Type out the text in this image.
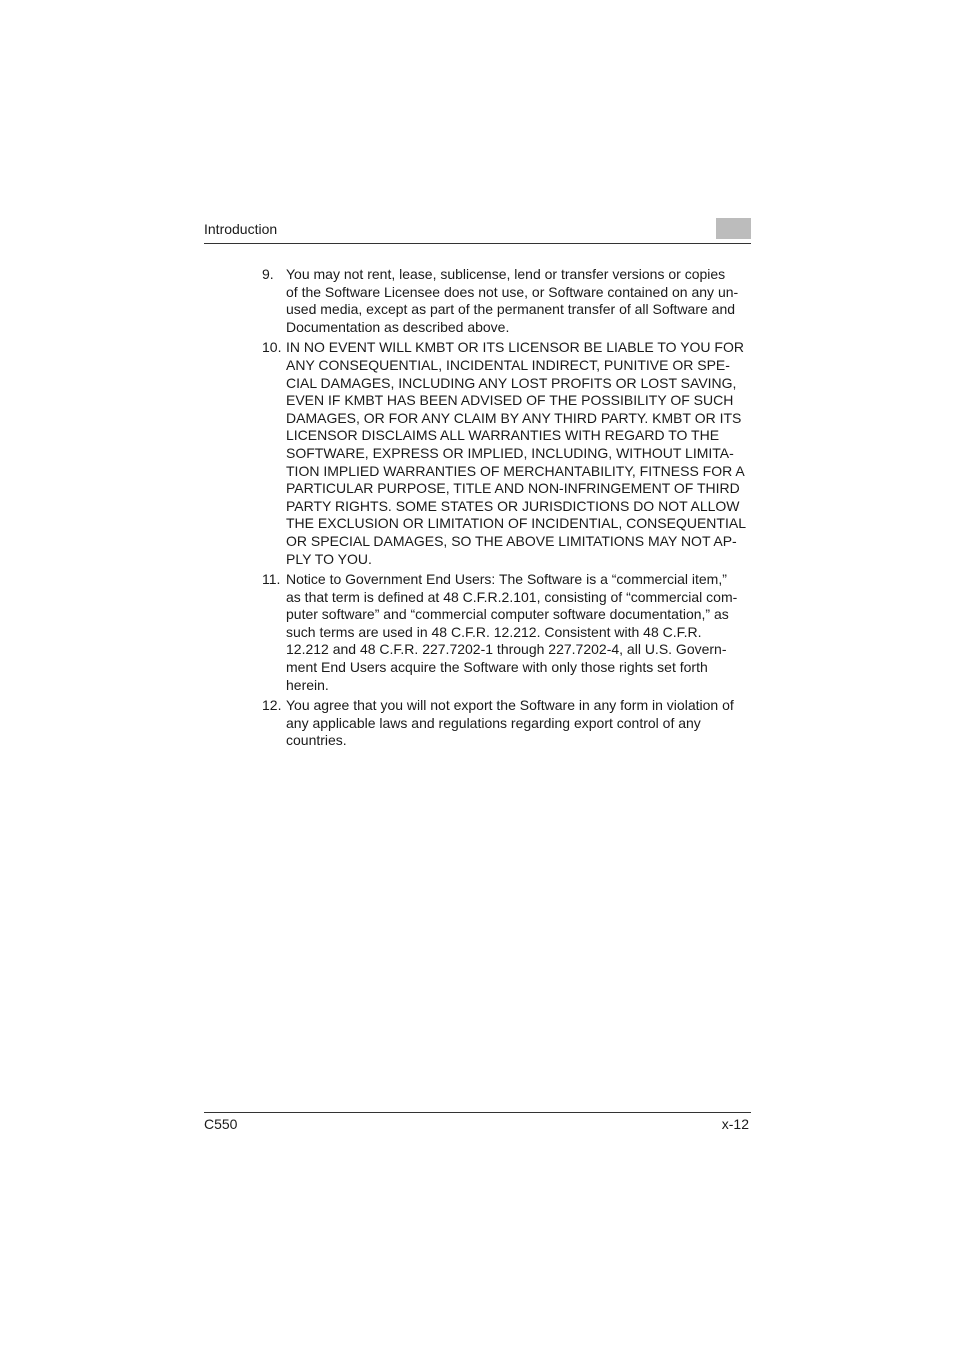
Introduction
9. You may not rent, lease, sublicense, lend or transfer versions or copies
of the Software Licensee does not use, or Software contained on any un-
used media, except as part of the permanent transfer of all Software and
Documentation as described above.
10. IN NO EVENT WILL KMBT OR ITS LICENSOR BE LIABLE TO YOU FOR
ANY CONSEQUENTIAL, INCIDENTAL INDIRECT, PUNITIVE OR SPE-
CIAL DAMAGES, INCLUDING ANY LOST PROFITS OR LOST SAVING,
EVEN IF KMBT HAS BEEN ADVISED OF THE POSSIBILITY OF SUCH
DAMAGES, OR FOR ANY CLAIM BY ANY THIRD PARTY. KMBT OR ITS
LICENSOR DISCLAIMS ALL WARRANTIES WITH REGARD TO THE
SOFTWARE, EXPRESS OR IMPLIED, INCLUDING, WITHOUT LIMITA-
TION IMPLIED WARRANTIES OF MERCHANTABILITY, FITNESS FOR A
PARTICULAR PURPOSE, TITLE AND NON-INFRINGEMENT OF THIRD
PARTY RIGHTS. SOME STATES OR JURISDICTIONS DO NOT ALLOW
THE EXCLUSION OR LIMITATION OF INCIDENTIAL, CONSEQUENTIAL
OR SPECIAL DAMAGES, SO THE ABOVE LIMITATIONS MAY NOT AP-
PLY TO YOU.
11. Notice to Government End Users: The Software is a “commercial item,”
as that term is defined at 48 C.F.R.2.101, consisting of “commercial com-
puter software” and “commercial computer software documentation,” as
such terms are used in 48 C.F.R. 12.212. Consistent with 48 C.F.R.
12.212 and 48 C.F.R. 227.7202-1 through 227.7202-4, all U.S. Govern-
ment End Users acquire the Software with only those rights set forth
herein.
12. You agree that you will not export the Software in any form in violation of
any applicable laws and regulations regarding export control of any
countries.
C550	x-12
